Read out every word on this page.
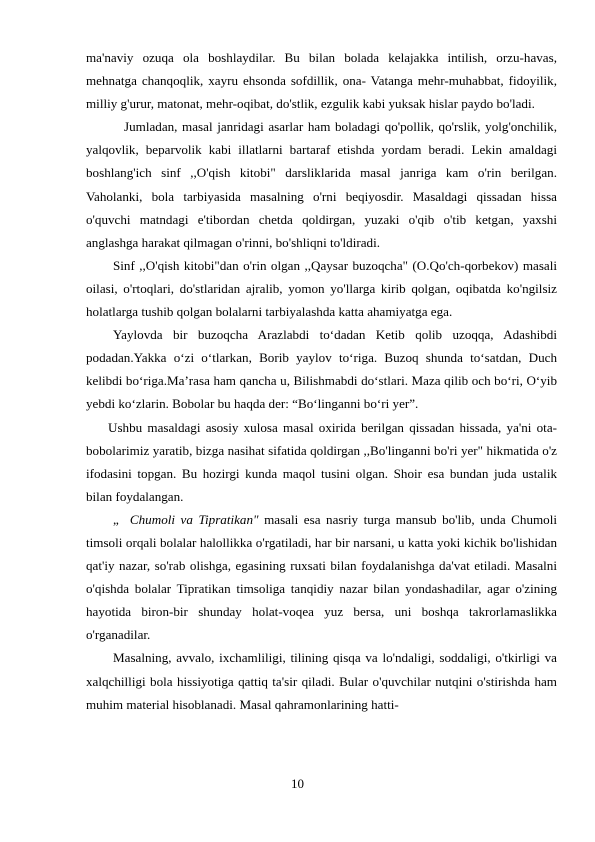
ma'naviy ozuqa ola boshlaydilar. Bu bilan bolada kelajakka intilish, orzu-havas, mehnatga chanqoqlik, xayru ehsonda sofdillik, ona- Vatanga mehr-muhabbat, fidoyilik, milliy g'urur, matonat, mehr-oqibat, do'stlik, ezgulik kabi yuksak hislar paydo bo'ladi.

Jumladan, masal janridagi asarlar ham boladagi qo'pollik, qo'rslik, yolg'onchilik, yalqovlik, beparvolik kabi illatlarni bartaraf etishda yordam beradi. Lekin amaldagi boshlang'ich sinf ,,O'qish kitobi" darsliklarida masal janriga kam o'rin berilgan. Vaholanki, bola tarbiyasida masalning o'rni beqiyosdir. Masaldagi qissadan hissa o'quvchi matndagi e'tibordan chetda qoldirgan, yuzaki o'qib o'tib ketgan, yaxshi anglashga harakat qilmagan o'rinni, bo'shliqni to'ldiradi.

Sinf ,,O'qish kitobi"dan o'rin olgan ,,Qaysar buzoqcha" (O.Qo'ch-qorbekov) masali oilasi, o'rtoqlari, do'stlaridan ajralib, yomon yo'llarga kirib qolgan, oqibatda ko'ngilsiz holatlarga tushib qolgan bolalarni tarbiyalashda katta ahamiyatga ega.

Yaylovda bir buzoqcha Arazlabdi to‘dadan Ketib qolib uzoqqa, Adashibdi podadan.Yakka o‘zi o‘tlarkan, Borib yaylov to‘riga. Buzoq shunda to‘satdan, Duch kelibdi bo‘riga.Ma’rasa ham qancha u, Bilishmabdi do‘stlari. Maza qilib och bo‘ri, O‘yib yebdi ko‘zlarin. Bobolar bu haqda der: “Bo‘linganni bo‘ri yer”.

Ushbu masaldagi asosiy xulosa masal oxirida berilgan qissadan hissada, ya'ni ota- bobolarimiz yaratib, bizga nasihat sifatida qoldirgan ,,Bo'linganni bo'ri yer" hikmatida o'z ifodasini topgan. Bu hozirgi kunda maqol tusini olgan. Shoir esa bundan juda ustalik bilan foydalangan.

„ Chumoli va Tipratikan" masali esa nasriy turga mansub bo'lib, unda Chumoli timsoli orqali bolalar halollikka o'rgatiladi, har bir narsani, u katta yoki kichik bo'lishidan qat'iy nazar, so'rab olishga, egasining ruxsati bilan foydalanishga da'vat etiladi. Masalni o'qishda bolalar Tipratikan timsoliga tanqidiy nazar bilan yondashadilar, agar o'zining hayotida biron-bir shunday holat-voqea yuz bersa, uni boshqa takrorlamaslikka o'rganadilar.

Masalning, avvalo, ixchamliligi, tilining qisqa va lo'ndaligi, soddaligi, o'tkirligi va xalqchilligi bola hissiyotiga qattiq ta'sir qiladi. Bular o'quvchilar nutqini o'stirishda ham muhim material hisoblanadi. Masal qahramonlarining hatti-

10
